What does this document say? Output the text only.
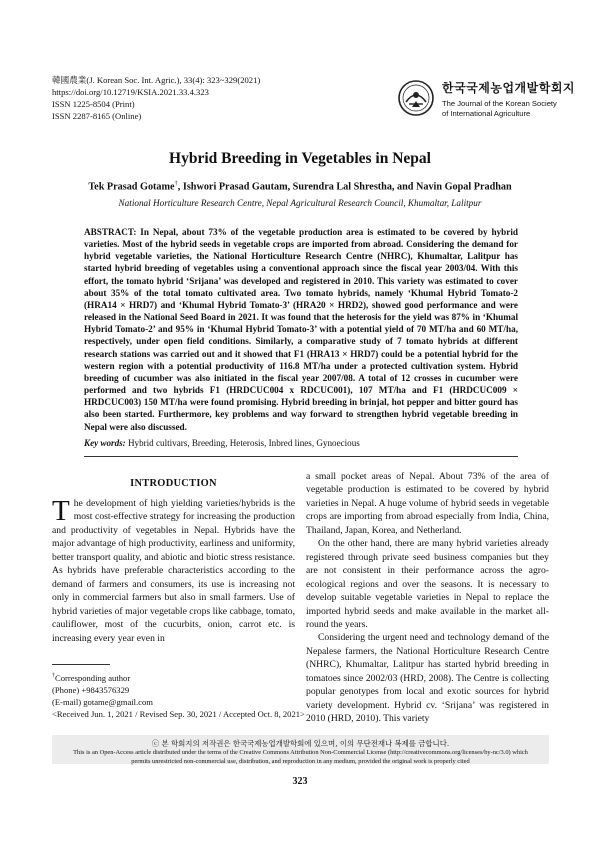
韓國農業(J. Korean Soc. Int. Agric.), 33(4): 323~329(2021)
https://doi.org/10.12719/KSIA.2021.33.4.323
ISSN 1225-8504 (Print)
ISSN 2287-8165 (Online)
한국국제농업개발학회지
The Journal of the Korean Society
of International Agriculture
Hybrid Breeding in Vegetables in Nepal
Tek Prasad Gotame†, Ishwori Prasad Gautam, Surendra Lal Shrestha, and Navin Gopal Pradhan
National Horticulture Research Centre, Nepal Agricultural Research Council, Khumaltar, Lalitpur

ABSTRACT: In Nepal, about 73% of the vegetable production area is estimated to be covered by hybrid varieties. Most of the hybrid seeds in vegetable crops are imported from abroad. Considering the demand for hybrid vegetable varieties, the National Horticulture Research Centre (NHRC), Khumaltar, Lalitpur has started hybrid breeding of vegetables using a conventional approach since the fiscal year 2003/04. With this effort, the tomato hybrid ‘Srijana’ was developed and registered in 2010. This variety was estimated to cover about 35% of the total tomato cultivated area. Two tomato hybrids, namely ‘Khumal Hybrid Tomato-2 (HRA14 × HRD7) and ‘Khumal Hybrid Tomato-3’ (HRA20 × HRD2), showed good performance and were released in the National Seed Board in 2021. It was found that the heterosis for the yield was 87% in ‘Khumal Hybrid Tomato-2’ and 95% in ‘Khumal Hybrid Tomato-3’ with a potential yield of 70 MT/ha and 60 MT/ha, respectively, under open field conditions. Similarly, a comparative study of 7 tomato hybrids at different research stations was carried out and it showed that F1 (HRA13 × HRD7) could be a potential hybrid for the western region with a potential productivity of 116.8 MT/ha under a protected cultivation system. Hybrid breeding of cucumber was also initiated in the fiscal year 2007/08. A total of 12 crosses in cucumber were performed and two hybrids F1 (HRDCUC004 x RDCUC001), 107 MT/ha and F1 (HRDCUC009 × HRDCUC003) 150 MT/ha were found promising. Hybrid breeding in brinjal, hot pepper and bitter gourd has also been started. Furthermore, key problems and way forward to strengthen hybrid vegetable breeding in Nepal were also discussed.

Key words: Hybrid cultivars, Breeding, Heterosis, Inbred lines, Gynoecious

INTRODUCTION

The development of high yielding varieties/hybrids is the most cost-effective strategy for increasing the production and productivity of vegetables in Nepal. Hybrids have the major advantage of high productivity, earliness and uniformity, better transport quality, and abiotic and biotic stress resistance. As hybrids have preferable characteristics according to the demand of farmers and consumers, its use is increasing not only in commercial farmers but also in small farmers. Use of hybrid varieties of major vegetable crops like cabbage, tomato, cauliflower, most of the cucurbits, onion, carrot etc. is increasing every year even in

†Corresponding author
(Phone) +9843576329
(E-mail) gotame@gmail.com
<Received Jun. 1, 2021 / Revised Sep. 30, 2021 / Accepted Oct. 8, 2021>

a small pocket areas of Nepal. About 73% of the area of vegetable production is estimated to be covered by hybrid varieties in Nepal. A huge volume of hybrid seeds in vegetable crops are importing from abroad especially from India, China, Thailand, Japan, Korea, and Netherland.

On the other hand, there are many hybrid varieties already registered through private seed business companies but they are not consistent in their performance across the agro-ecological regions and over the seasons. It is necessary to develop suitable vegetable varieties in Nepal to replace the imported hybrid seeds and make available in the market all-round the years.

Considering the urgent need and technology demand of the Nepalese farmers, the National Horticulture Research Centre (NHRC), Khumaltar, Lalitpur has started hybrid breeding in tomatoes since 2002/03 (HRD, 2008). The Centre is collecting popular genotypes from local and exotic sources for hybrid variety development. Hybrid cv. ‘Srijana’ was registered in 2010 (HRD, 2010). This variety

ⓒ 본 학회지의 저작권은 한국국제농업개발학회에 있으며, 이의 무단전재나 복제를 금합니다.
This is an Open-Access article distributed under the terms of the Creative Commons Attribution Non-Commercial License (http://creativecommons.org/licenses/by-nc/3.0) which
permits unrestricted non-commercial use, distribution, and reproduction in any medium, provided the original work is properly cited
323
